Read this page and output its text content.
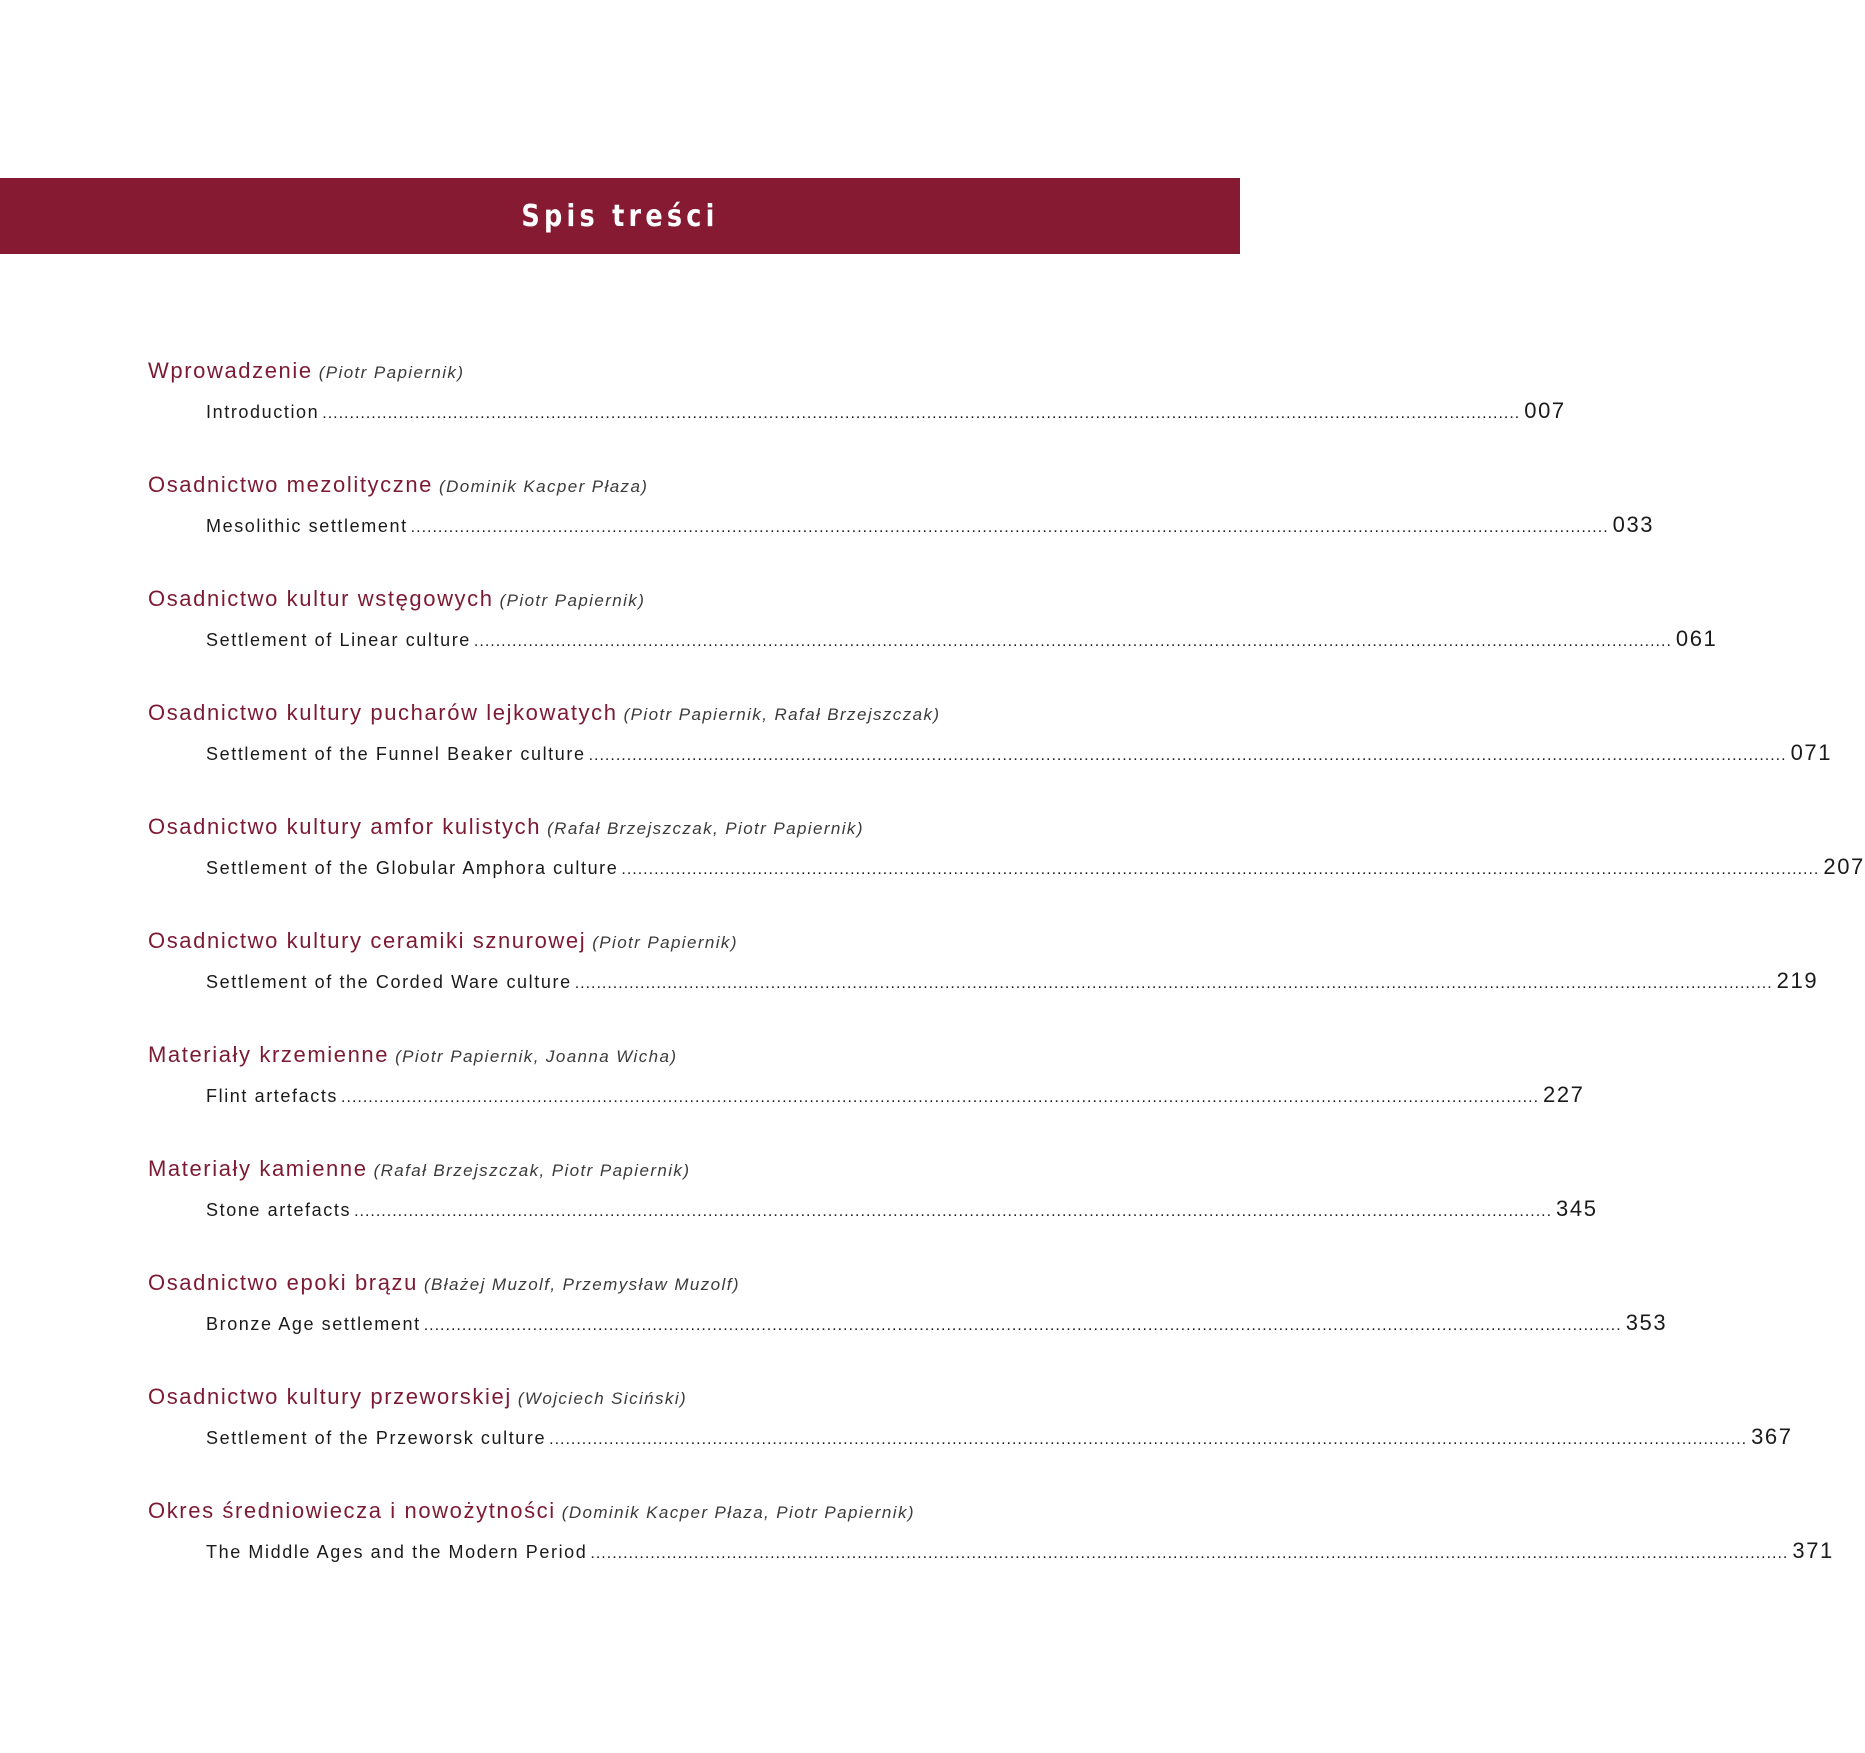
Spis treści
Wprowadzenie (Piotr Papiernik)
Introduction ............................................................................................................................................................................................................................ 007
Osadnictwo mezolityczne (Dominik Kacper Płaza)
Mesolithic settlement ............................................................................................................................................................................................................................ 033
Osadnictwo kultur wstęgowych (Piotr Papiernik)
Settlement of Linear culture ............................................................................................................................................................................................................................ 061
Osadnictwo kultury pucharów lejkowatych (Piotr Papiernik, Rafał Brzejszczak)
Settlement of the Funnel Beaker culture ............................................................................................................................................................................................................................ 071
Osadnictwo kultury amfor kulistych (Rafał Brzejszczak, Piotr Papiernik)
Settlement of the Globular Amphora culture ............................................................................................................................................................................................................................ 207
Osadnictwo kultury ceramiki sznurowej (Piotr Papiernik)
Settlement of the Corded Ware culture ............................................................................................................................................................................................................................ 219
Materiały krzemienne (Piotr Papiernik, Joanna Wicha)
Flint artefacts ............................................................................................................................................................................................................................ 227
Materiały kamienne (Rafał Brzejszczak, Piotr Papiernik)
Stone artefacts ............................................................................................................................................................................................................................ 345
Osadnictwo epoki brązu (Błażej Muzolf, Przemysław Muzolf)
Bronze Age settlement ............................................................................................................................................................................................................................ 353
Osadnictwo kultury przeworskiej (Wojciech Siciński)
Settlement of the Przeworsk culture ............................................................................................................................................................................................................................ 367
Okres średniowiecza i nowożytności (Dominik Kacper Płaza, Piotr Papiernik)
The Middle Ages and the Modern Period ............................................................................................................................................................................................................................ 371
